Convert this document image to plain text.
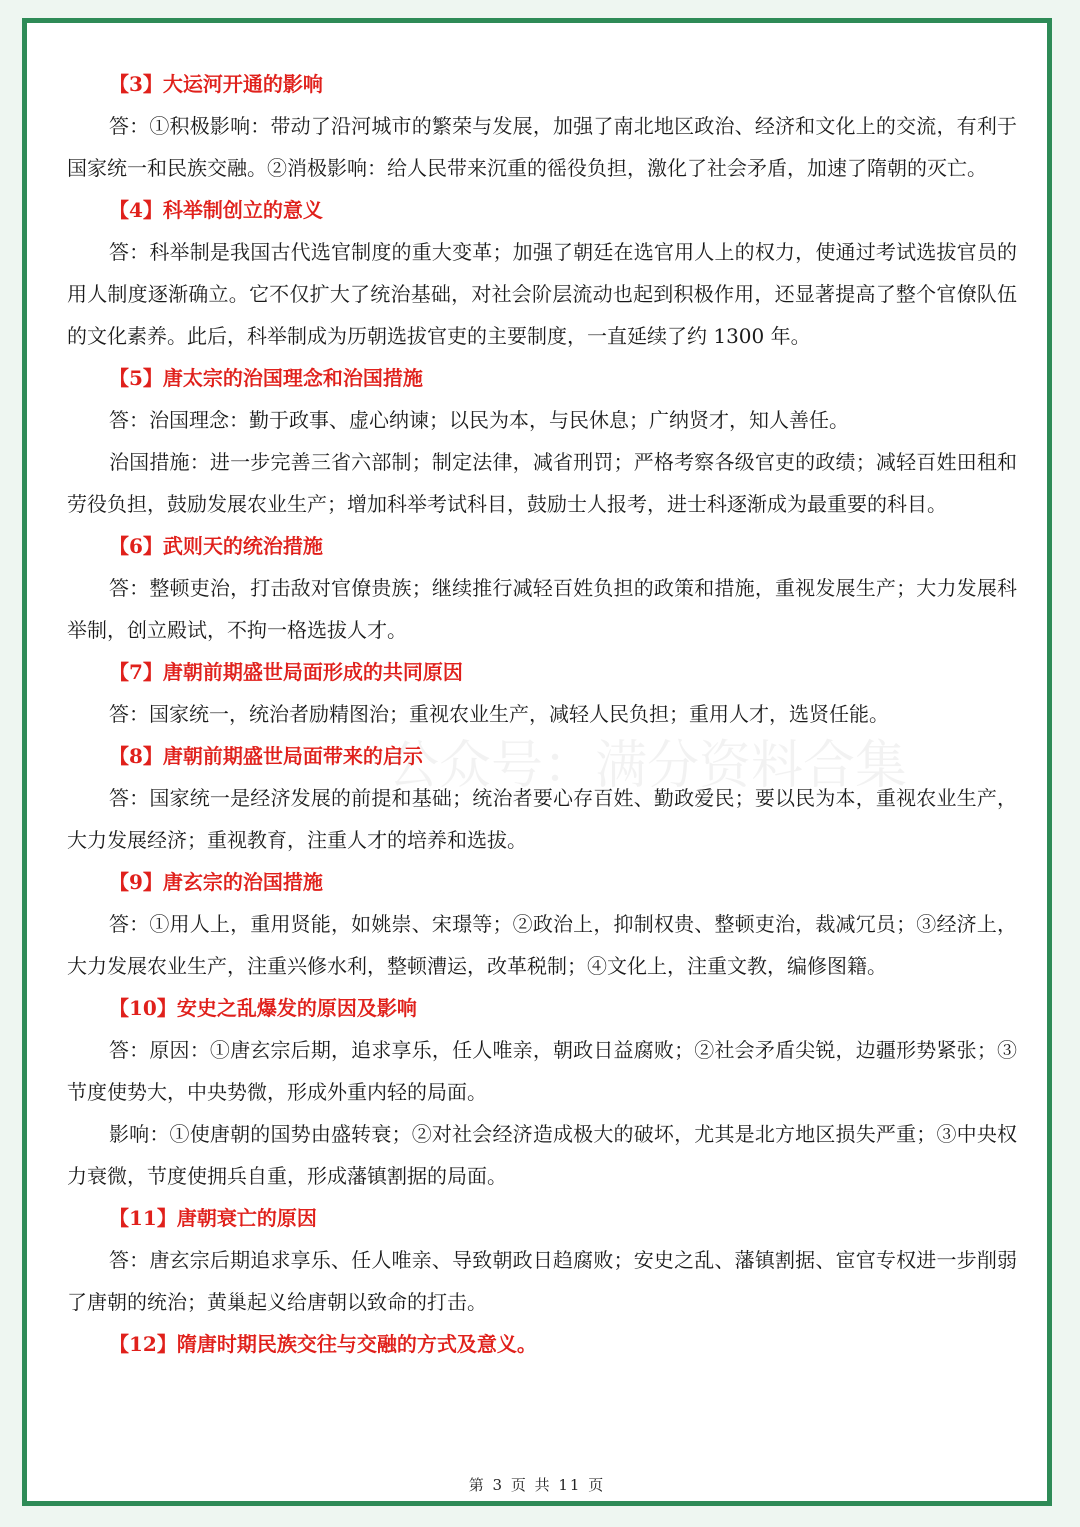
【3】大运河开通的影响

答：①积极影响：带动了沿河城市的繁荣与发展，加强了南北地区政治、经济和文化上的交流，有利于国家统一和民族交融。②消极影响：给人民带来沉重的徭役负担，激化了社会矛盾，加速了隋朝的灭亡。

【4】科举制创立的意义

答：科举制是我国古代选官制度的重大变革；加强了朝廷在选官用人上的权力，使通过考试选拔官员的用人制度逐渐确立。它不仅扩大了统治基础，对社会阶层流动也起到积极作用，还显著提高了整个官僚队伍的文化素养。此后，科举制成为历朝选拔官吏的主要制度，一直延续了约 1300 年。

【5】唐太宗的治国理念和治国措施

答：治国理念：勤于政事、虚心纳谏；以民为本，与民休息；广纳贤才，知人善任。

治国措施：进一步完善三省六部制；制定法律，减省刑罚；严格考察各级官吏的政绩；减轻百姓田租和劳役负担，鼓励发展农业生产；增加科举考试科目，鼓励士人报考，进士科逐渐成为最重要的科目。

【6】武则天的统治措施

答：整顿吏治，打击敌对官僚贵族；继续推行减轻百姓负担的政策和措施，重视发展生产；大力发展科举制，创立殿试，不拘一格选拔人才。

【7】唐朝前期盛世局面形成的共同原因

答：国家统一，统治者励精图治；重视农业生产，减轻人民负担；重用人才，选贤任能。

【8】唐朝前期盛世局面带来的启示

答：国家统一是经济发展的前提和基础；统治者要心存百姓、勤政爱民；要以民为本，重视农业生产，大力发展经济；重视教育，注重人才的培养和选拔。

【9】唐玄宗的治国措施

答：①用人上，重用贤能，如姚崇、宋璟等；②政治上，抑制权贵、整顿吏治，裁减冗员；③经济上，大力发展农业生产，注重兴修水利，整顿漕运，改革税制；④文化上，注重文教，编修图籍。

【10】安史之乱爆发的原因及影响

答：原因：①唐玄宗后期，追求享乐，任人唯亲，朝政日益腐败；②社会矛盾尖锐，边疆形势紧张；③节度使势大，中央势微，形成外重内轻的局面。

影响：①使唐朝的国势由盛转衰；②对社会经济造成极大的破坏，尤其是北方地区损失严重；③中央权力衰微，节度使拥兵自重，形成藩镇割据的局面。

【11】唐朝衰亡的原因

答：唐玄宗后期追求享乐、任人唯亲、导致朝政日趋腐败；安史之乱、藩镇割据、宦官专权进一步削弱了唐朝的统治；黄巢起义给唐朝以致命的打击。

【12】隋唐时期民族交往与交融的方式及意义。
公众号：满分资料合集
第 3 页 共 11 页
